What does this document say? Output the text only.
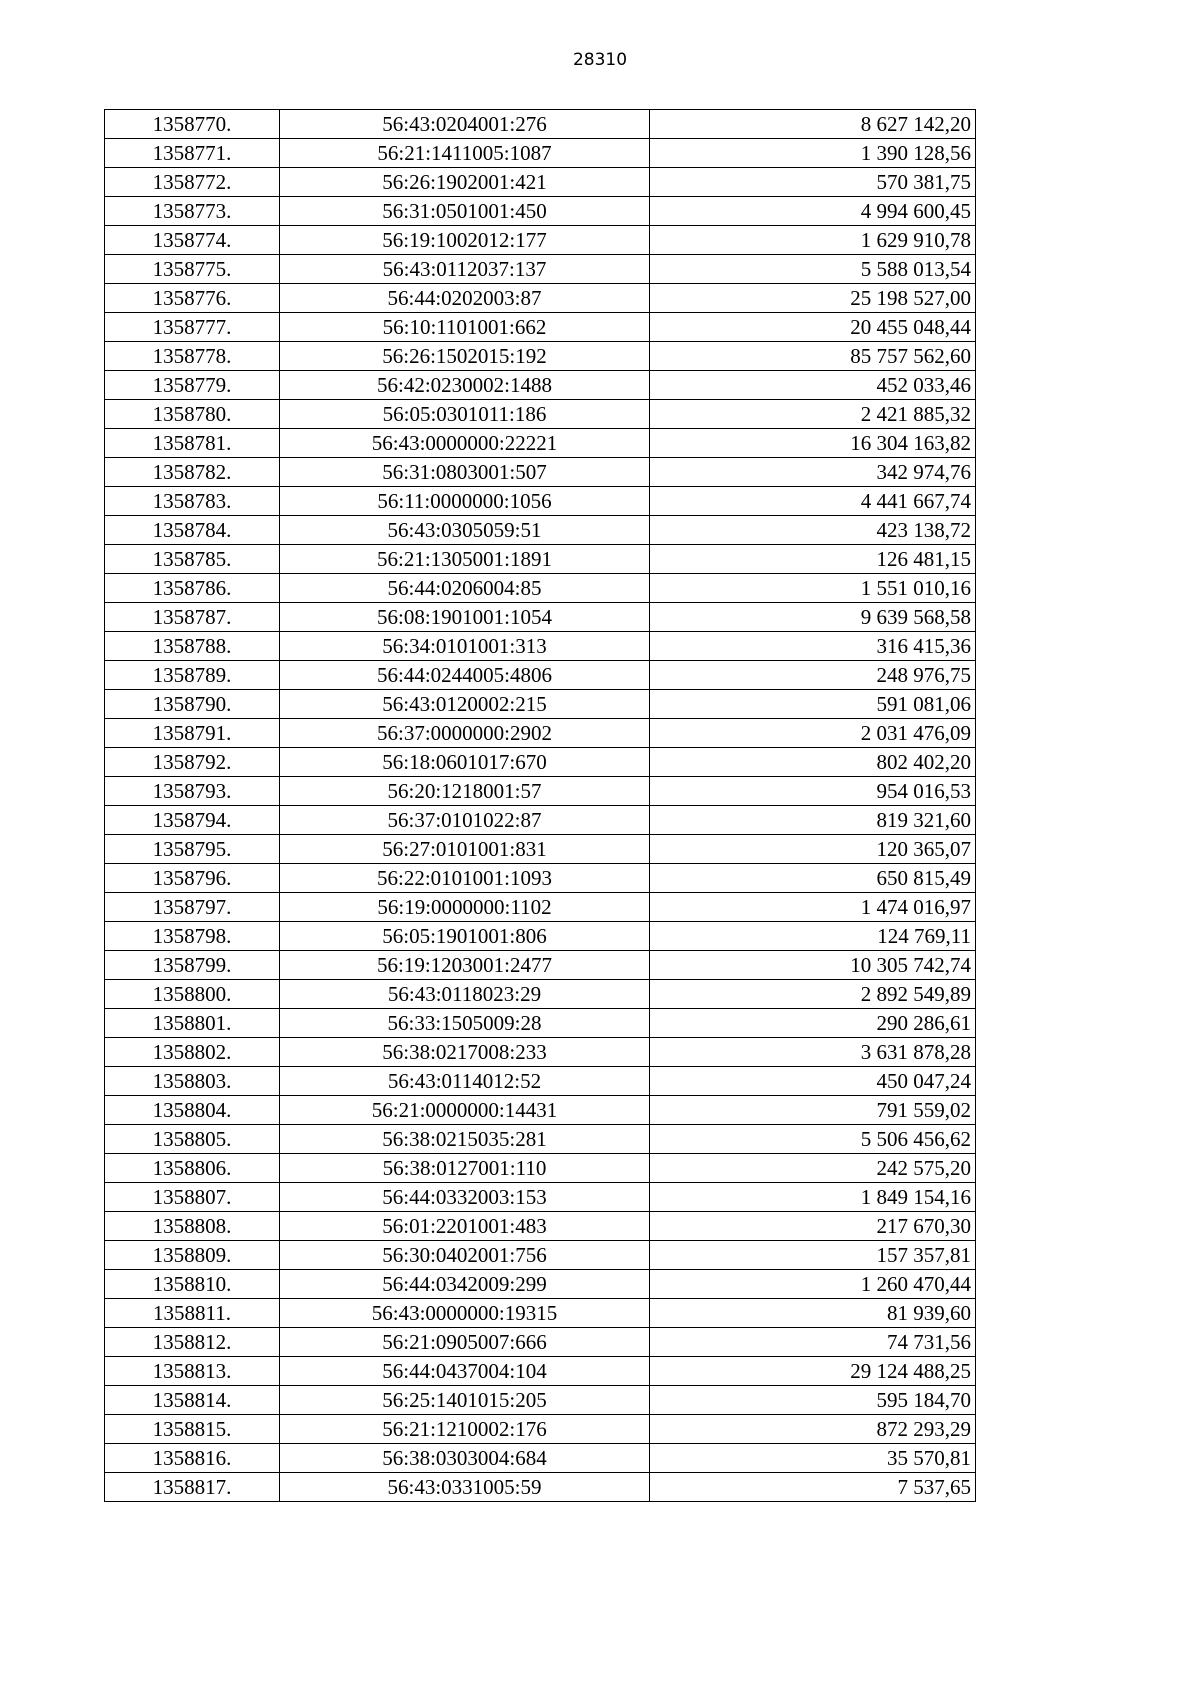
28310
1358770.	56:43:0204001:276	8 627 142,20
1358771.	56:21:1411005:1087	1 390 128,56
1358772.	56:26:1902001:421	570 381,75
1358773.	56:31:0501001:450	4 994 600,45
1358774.	56:19:1002012:177	1 629 910,78
1358775.	56:43:0112037:137	5 588 013,54
1358776.	56:44:0202003:87	25 198 527,00
1358777.	56:10:1101001:662	20 455 048,44
1358778.	56:26:1502015:192	85 757 562,60
1358779.	56:42:0230002:1488	452 033,46
1358780.	56:05:0301011:186	2 421 885,32
1358781.	56:43:0000000:22221	16 304 163,82
1358782.	56:31:0803001:507	342 974,76
1358783.	56:11:0000000:1056	4 441 667,74
1358784.	56:43:0305059:51	423 138,72
1358785.	56:21:1305001:1891	126 481,15
1358786.	56:44:0206004:85	1 551 010,16
1358787.	56:08:1901001:1054	9 639 568,58
1358788.	56:34:0101001:313	316 415,36
1358789.	56:44:0244005:4806	248 976,75
1358790.	56:43:0120002:215	591 081,06
1358791.	56:37:0000000:2902	2 031 476,09
1358792.	56:18:0601017:670	802 402,20
1358793.	56:20:1218001:57	954 016,53
1358794.	56:37:0101022:87	819 321,60
1358795.	56:27:0101001:831	120 365,07
1358796.	56:22:0101001:1093	650 815,49
1358797.	56:19:0000000:1102	1 474 016,97
1358798.	56:05:1901001:806	124 769,11
1358799.	56:19:1203001:2477	10 305 742,74
1358800.	56:43:0118023:29	2 892 549,89
1358801.	56:33:1505009:28	290 286,61
1358802.	56:38:0217008:233	3 631 878,28
1358803.	56:43:0114012:52	450 047,24
1358804.	56:21:0000000:14431	791 559,02
1358805.	56:38:0215035:281	5 506 456,62
1358806.	56:38:0127001:110	242 575,20
1358807.	56:44:0332003:153	1 849 154,16
1358808.	56:01:2201001:483	217 670,30
1358809.	56:30:0402001:756	157 357,81
1358810.	56:44:0342009:299	1 260 470,44
1358811.	56:43:0000000:19315	81 939,60
1358812.	56:21:0905007:666	74 731,56
1358813.	56:44:0437004:104	29 124 488,25
1358814.	56:25:1401015:205	595 184,70
1358815.	56:21:1210002:176	872 293,29
1358816.	56:38:0303004:684	35 570,81
1358817.	56:43:0331005:59	7 537,65
